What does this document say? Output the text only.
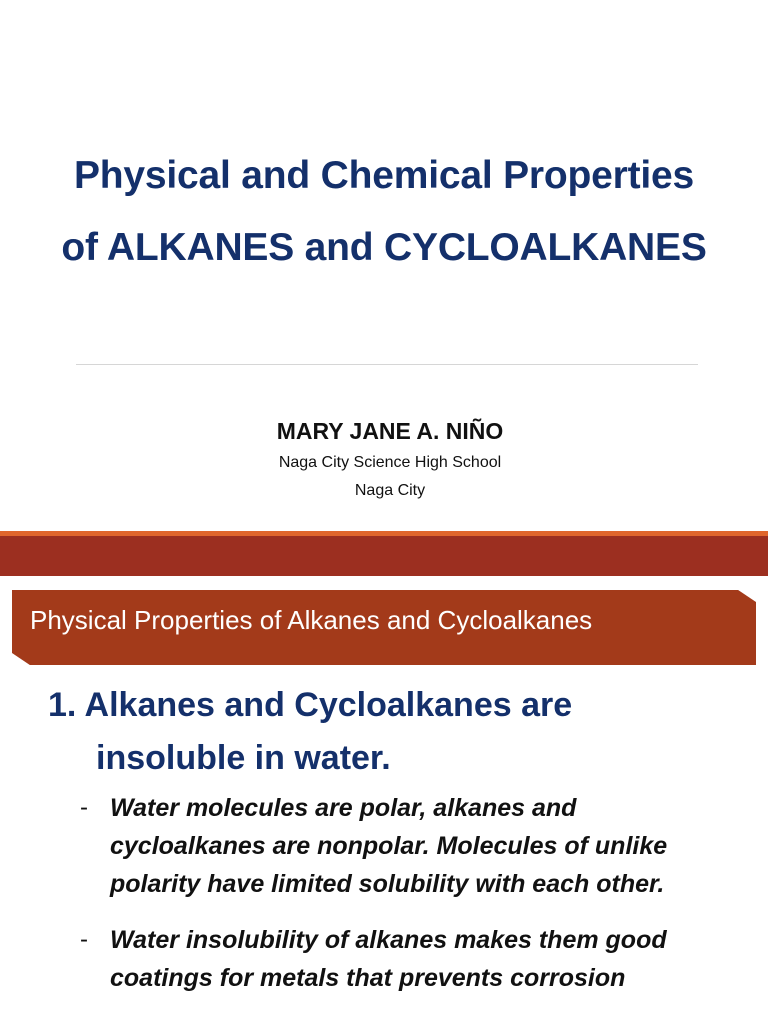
Physical and Chemical Properties
of ALKANES and CYCLOALKANES
MARY JANE A. NIÑO
Naga City Science High School
Naga City
Physical Properties of Alkanes and Cycloalkanes
1. Alkanes and Cycloalkanes are
insoluble in water.
- Water molecules are polar, alkanes and
cycloalkanes are nonpolar. Molecules of unlike
polarity have limited solubility with each other.
- Water insolubility of alkanes makes them good
coatings for metals that prevents corrosion
